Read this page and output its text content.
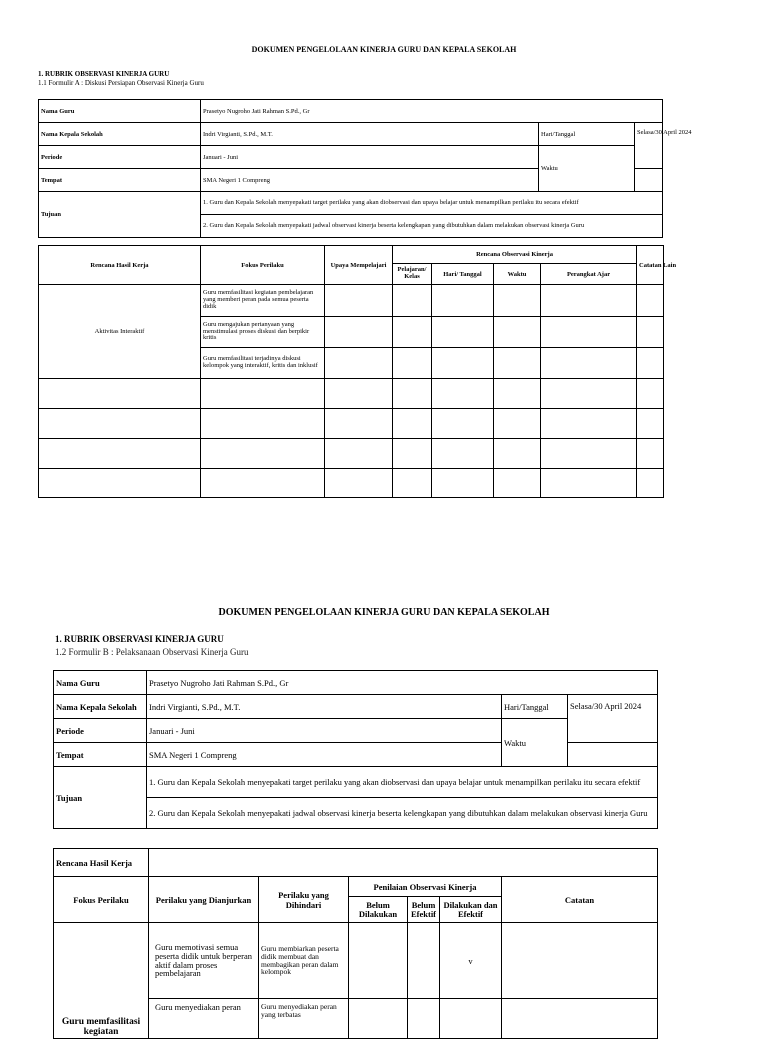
DOKUMEN PENGELOLAAN KINERJA GURU DAN KEPALA SEKOLAH
1. RUBRIK OBSERVASI KINERJA GURU
1.1 Formulir A : Diskusi Persiapan Observasi Kinerja Guru
Nama Guru	Prasetyo Nugroho Jati Rahman S.Pd., Gr		
Nama Kepala Sekolah	Indri Virgianti, S.Pd., M.T.	Hari/Tanggal	Selasa/30 April 2024
Periode	Januari - Juni	Waktu	
Tempat	SMA Negeri 1 Compreng		
Tujuan	1. Guru dan Kepala Sekolah menyepakati target perilaku yang akan diobservasi dan upaya belajar untuk menampilkan perilaku itu secara efektif		
	2. Guru dan Kepala Sekolah menyepakati jadwal observasi kinerja beserta kelengkapan yang dibutuhkan dalam melakukan observasi kinerja Guru		
Rencana Hasil Kerja	Fokus Perilaku	Upaya Mempelajari	Rencana Observasi Kinerja				Catatan Lain
			Pelajaran/ Kelas	Hari/ Tanggal	Waktu	Perangkat Ajar	
Aktivitas Interaktif	Guru memfasilitasi kegiatan pembelajaran yang memberi peran pada semua peserta didik						
	Guru mengajukan pertanyaan yang menstimulasi proses diskusi dan berpikir kritis						
	Guru memfasilitasi terjadinya diskusi kelompok yang interaktif, kritis dan inklusif						

DOKUMEN PENGELOLAAN KINERJA GURU DAN KEPALA SEKOLAH
1. RUBRIK OBSERVASI KINERJA GURU
1.2 Formulir B : Pelaksanaan Observasi Kinerja Guru
Nama Guru	Prasetyo Nugroho Jati Rahman S.Pd., Gr		
Nama Kepala Sekolah	Indri Virgianti, S.Pd., M.T.	Hari/Tanggal	Selasa/30 April 2024
Periode	Januari - Juni	Waktu	
Tempat	SMA Negeri 1 Compreng		
Tujuan	1. Guru dan Kepala Sekolah menyepakati target perilaku yang akan diobservasi dan upaya belajar untuk menampilkan perilaku itu secara efektif		
	2. Guru dan Kepala Sekolah menyepakati jadwal observasi kinerja beserta kelengkapan yang dibutuhkan dalam melakukan observasi kinerja Guru		
Rencana Hasil Kerja						
Fokus Perilaku	Perilaku yang Dianjurkan	Perilaku yang Dihindari	Penilaian Observasi Kinerja			Catatan
			Belum Dilakukan	Belum Efektif	Dilakukan dan Efektif	
Guru memfasilitasi kegiatan	Guru memotivasi semua peserta didik untuk berperan aktif dalam proses pembelajaran	Guru membiarkan peserta didik membuat dan membagikan peran dalam kelompok			v	
	Guru menyediakan peran	Guru menyediakan peran yang terbatas				
